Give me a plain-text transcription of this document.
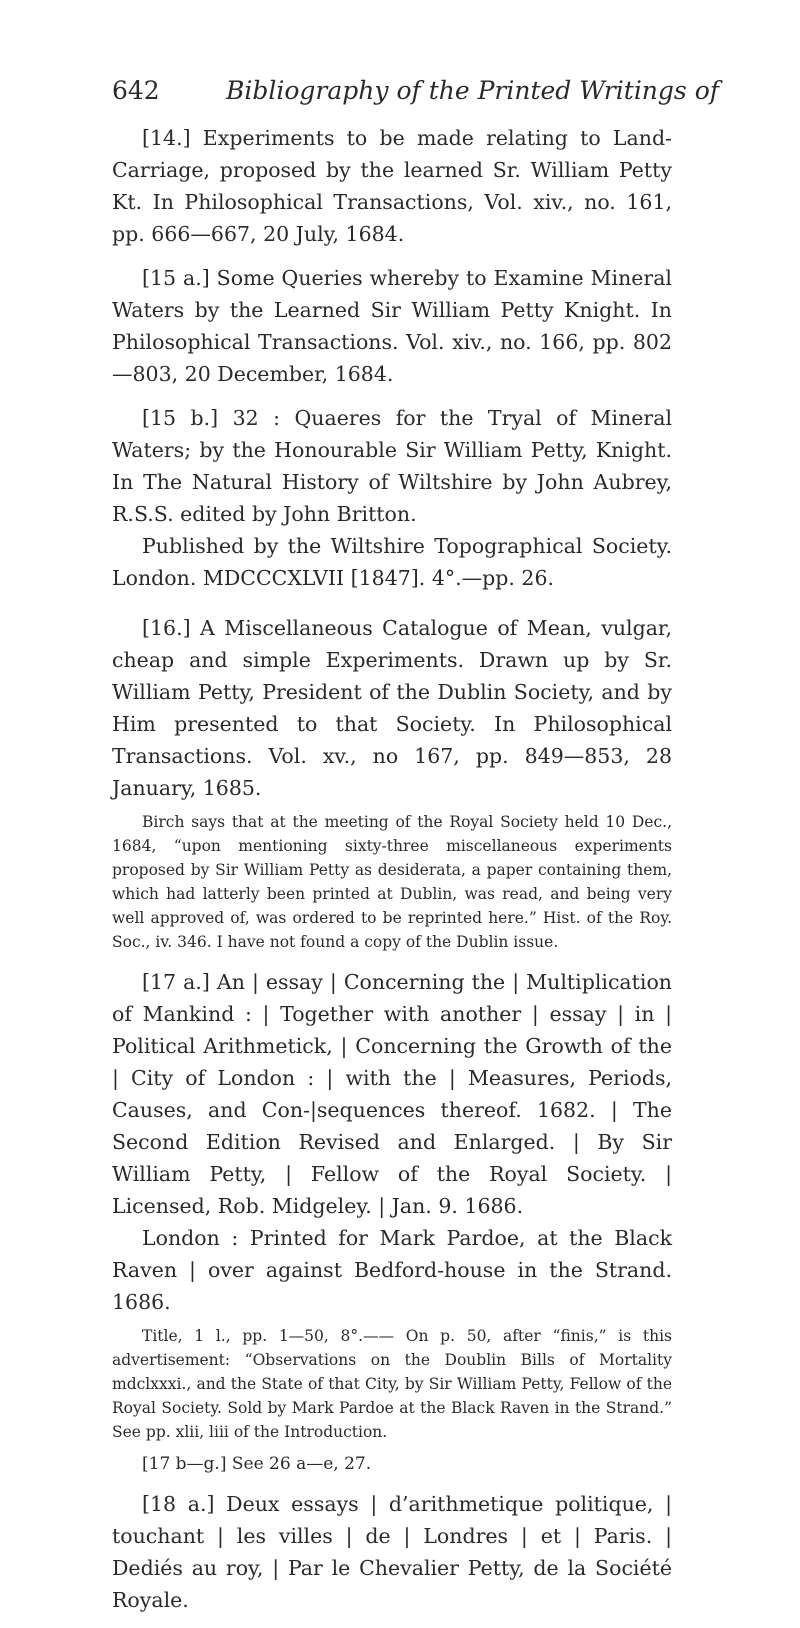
642	Bibliography of the Printed Writings of

[14.] Experiments to be made relating to Land-Carriage, proposed by the learned Sr. William Petty Kt. In Philosophical Transactions, Vol. xiv., no. 161, pp. 666—667, 20 July, 1684.

[15 a.] Some Queries whereby to Examine Mineral Waters by the Learned Sir William Petty Knight. In Philosophical Transactions. Vol. xiv., no. 166, pp. 802—803, 20 December, 1684.

[15 b.] 32 : Quaeres for the Tryal of Mineral Waters; by the Honourable Sir William Petty, Knight. In The Natural History of Wiltshire by John Aubrey, R.S.S. edited by John Britton.

Published by the Wiltshire Topographical Society. London. MDCCCXLVII [1847]. 4°.—pp. 26.

[16.] A Miscellaneous Catalogue of Mean, vulgar, cheap and simple Experiments. Drawn up by Sr. William Petty, President of the Dublin Society, and by Him presented to that Society. In Philosophical Transactions. Vol. xv., no 167, pp. 849—853, 28 January, 1685.

Birch says that at the meeting of the Royal Society held 10 Dec., 1684, “upon mentioning sixty-three miscellaneous experiments proposed by Sir William Petty as desiderata, a paper containing them, which had latterly been printed at Dublin, was read, and being very well approved of, was ordered to be reprinted here.” Hist. of the Roy. Soc., iv. 346. I have not found a copy of the Dublin issue.

[17 a.] An | essay | Concerning the | Multiplication of Mankind : | Together with another | essay | in | Political Arithmetick, | Concerning the Growth of the | City of London : | with the | Measures, Periods, Causes, and Con-|sequences thereof. 1682. | The Second Edition Revised and Enlarged. | By Sir William Petty, | Fellow of the Royal Society. | Licensed, Rob. Midgeley. | Jan. 9. 1686.

London : Printed for Mark Pardoe, at the Black Raven | over against Bedford-house in the Strand. 1686.

Title, 1 l., pp. 1—50, 8°.—— On p. 50, after “finis,” is this advertisement: “Observations on the Doublin Bills of Mortality mdclxxxi., and the State of that City, by Sir William Petty, Fellow of the Royal Society. Sold by Mark Pardoe at the Black Raven in the Strand.” See pp. xlii, liii of the Introduction.

[17 b—g.] See 26 a—e, 27.

[18 a.] Deux essays | d’arithmetique politique, | touchant | les villes | de | Londres | et | Paris. | Dediés au roy, | Par le Chevalier Petty, de la Société Royale.
